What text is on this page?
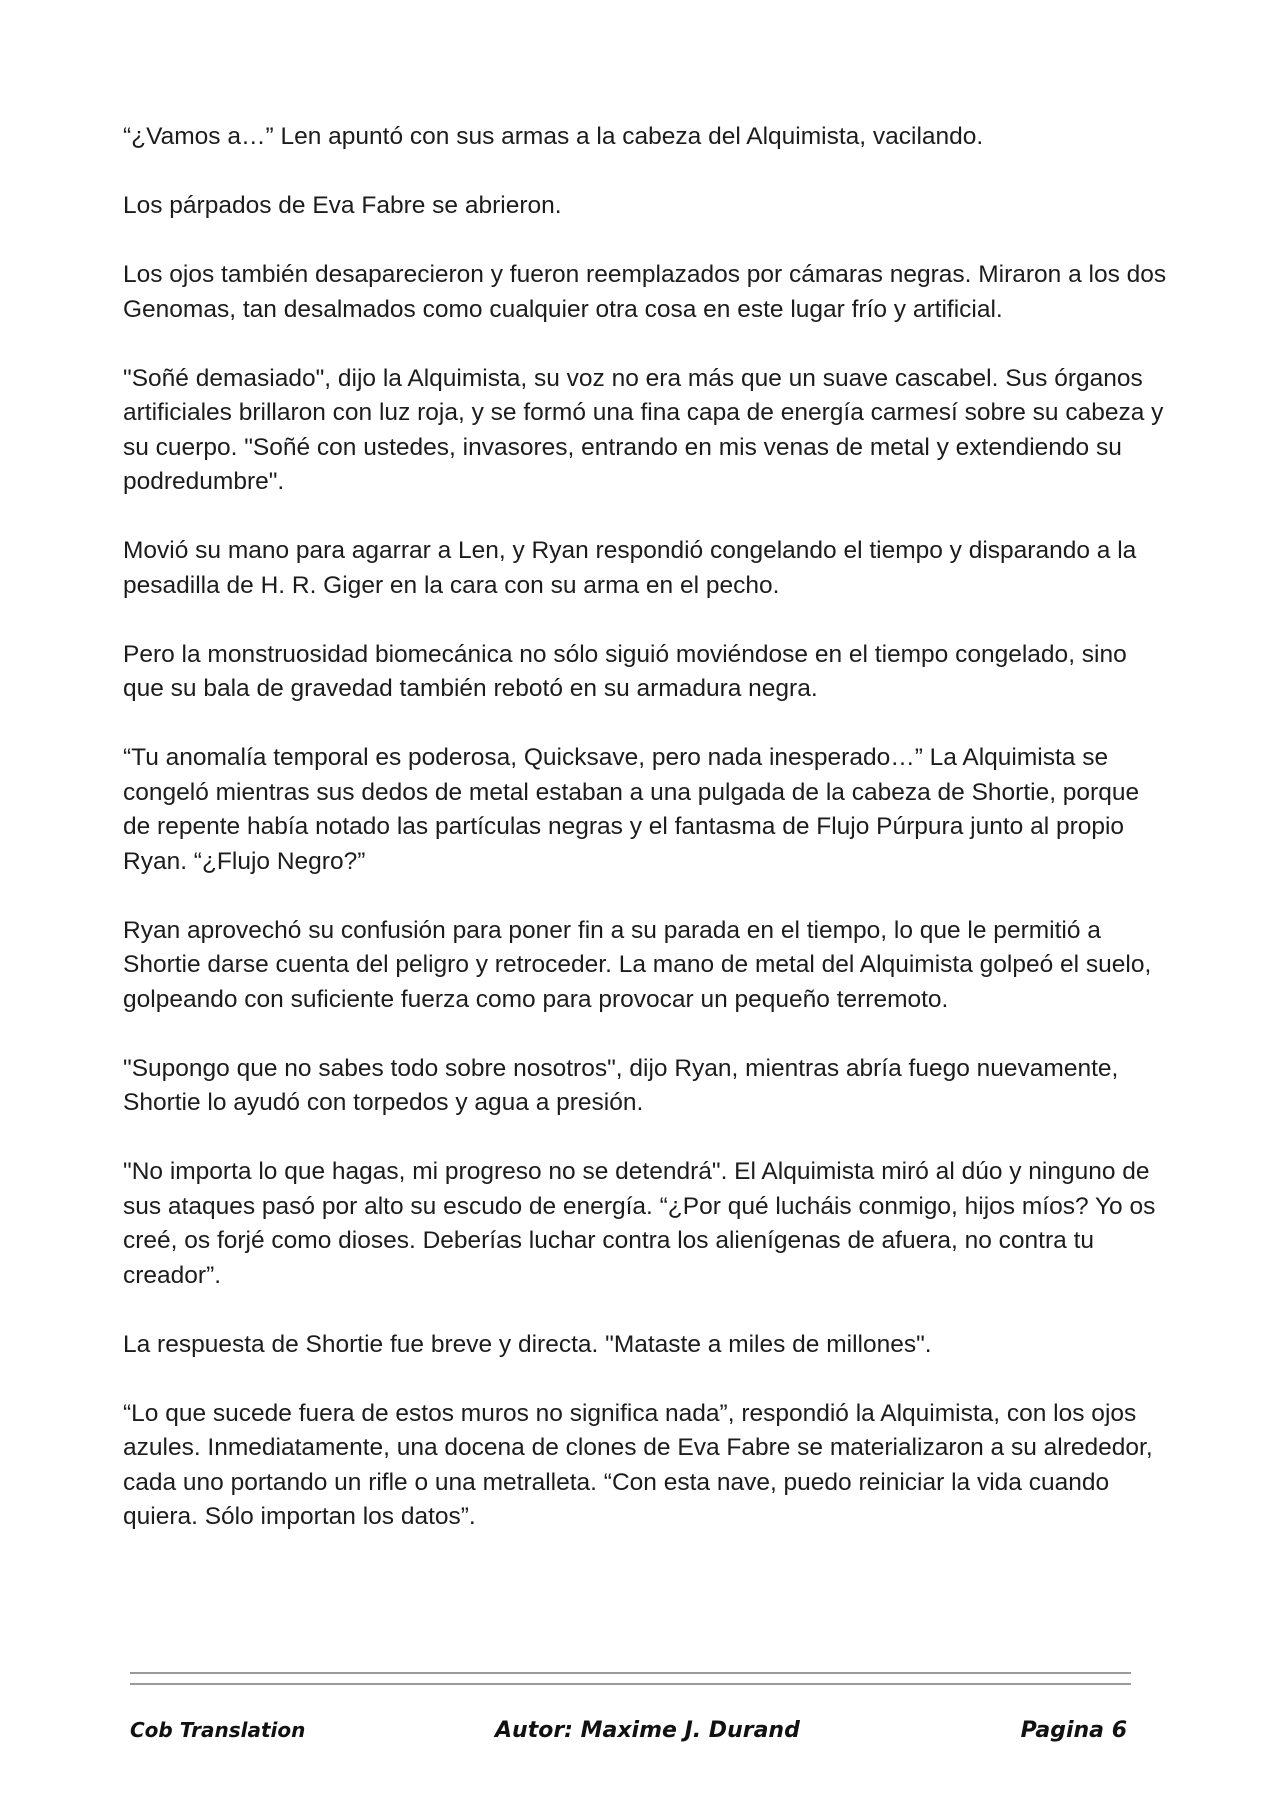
“¿Vamos a…” Len apuntó con sus armas a la cabeza del Alquimista, vacilando.

Los párpados de Eva Fabre se abrieron.

Los ojos también desaparecieron y fueron reemplazados por cámaras negras. Miraron a los dos Genomas, tan desalmados como cualquier otra cosa en este lugar frío y artificial.

"Soñé demasiado", dijo la Alquimista, su voz no era más que un suave cascabel. Sus órganos artificiales brillaron con luz roja, y se formó una fina capa de energía carmesí sobre su cabeza y su cuerpo. "Soñé con ustedes, invasores, entrando en mis venas de metal y extendiendo su podredumbre".

Movió su mano para agarrar a Len, y Ryan respondió congelando el tiempo y disparando a la pesadilla de H. R. Giger en la cara con su arma en el pecho.

Pero la monstruosidad biomecánica no sólo siguió moviéndose en el tiempo congelado, sino que su bala de gravedad también rebotó en su armadura negra.

“Tu anomalía temporal es poderosa, Quicksave, pero nada inesperado…” La Alquimista se congeló mientras sus dedos de metal estaban a una pulgada de la cabeza de Shortie, porque de repente había notado las partículas negras y el fantasma de Flujo Púrpura junto al propio Ryan. “¿Flujo Negro?”

Ryan aprovechó su confusión para poner fin a su parada en el tiempo, lo que le permitió a Shortie darse cuenta del peligro y retroceder. La mano de metal del Alquimista golpeó el suelo, golpeando con suficiente fuerza como para provocar un pequeño terremoto.

"Supongo que no sabes todo sobre nosotros", dijo Ryan, mientras abría fuego nuevamente, Shortie lo ayudó con torpedos y agua a presión.

"No importa lo que hagas, mi progreso no se detendrá". El Alquimista miró al dúo y ninguno de sus ataques pasó por alto su escudo de energía. “¿Por qué lucháis conmigo, hijos míos? Yo os creé, os forjé como dioses. Deberías luchar contra los alienígenas de afuera, no contra tu creador”.

La respuesta de Shortie fue breve y directa. "Mataste a miles de millones".

“Lo que sucede fuera de estos muros no significa nada”, respondió la Alquimista, con los ojos azules. Inmediatamente, una docena de clones de Eva Fabre se materializaron a su alrededor, cada uno portando un rifle o una metralleta. “Con esta nave, puedo reiniciar la vida cuando quiera. Sólo importan los datos”.

Cob Translation	Autor: Maxime J. Durand	Pagina 6
